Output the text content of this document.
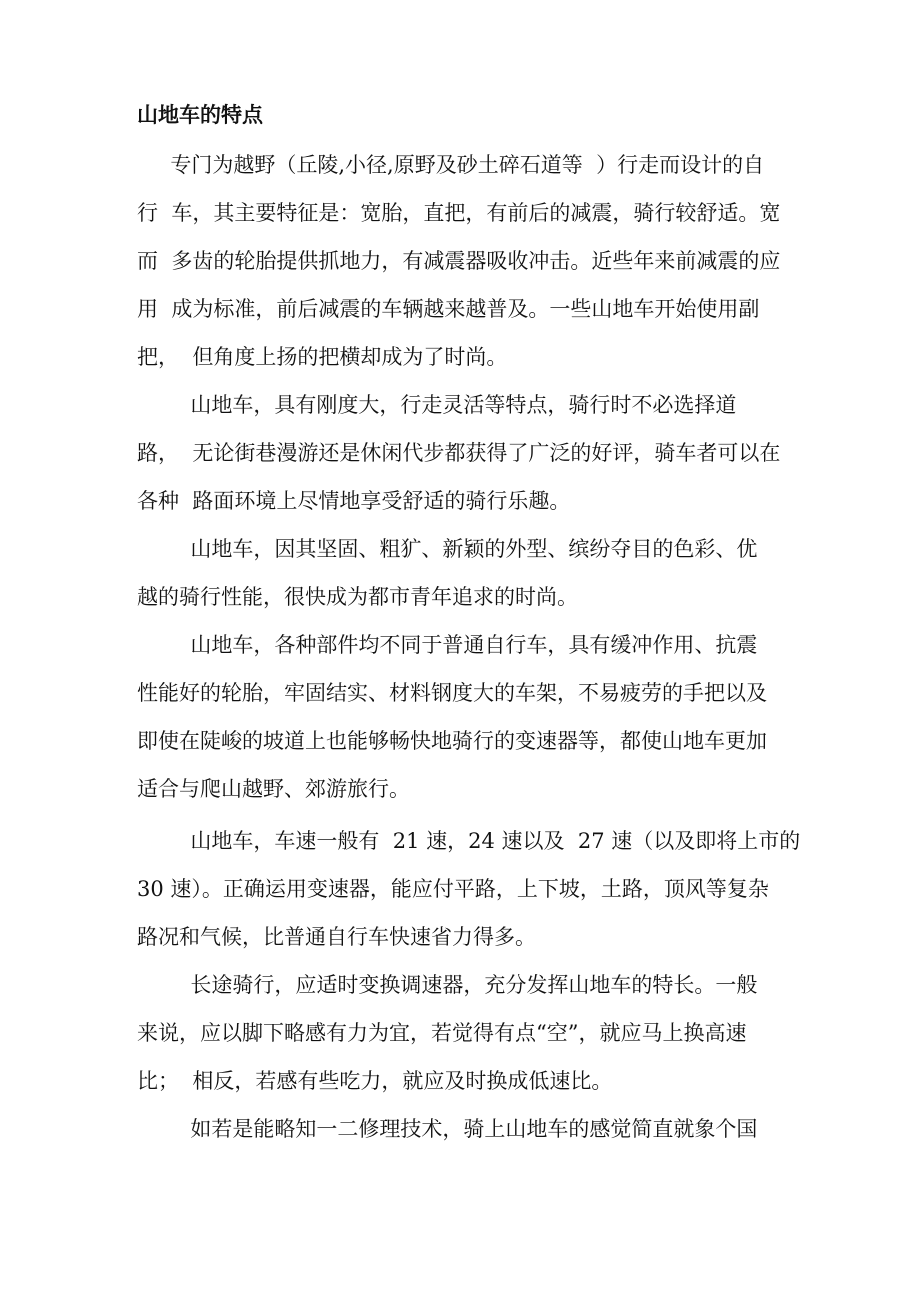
山地车的特点
专门为越野（丘陵,小径,原野及砂土碎石道等  ）行走而设计的自
行  车，其主要特征是：宽胎，直把，有前后的减震，骑行较舒适。宽
而  多齿的轮胎提供抓地力，有减震器吸收冲击。近些年来前减震的应
用  成为标准，前后减震的车辆越来越普及。一些山地车开始使用副
把，  但角度上扬的把横却成为了时尚。
山地车，具有刚度大，行走灵活等特点，骑行时不必选择道
路，  无论街巷漫游还是休闲代步都获得了广泛的好评，骑车者可以在
各种  路面环境上尽情地享受舒适的骑行乐趣。
山地车，因其坚固、粗犷、新颖的外型、缤纷夺目的色彩、优
越的骑行性能，很快成为都市青年追求的时尚。
山地车，各种部件均不同于普通自行车，具有缓冲作用、抗震
性能好的轮胎，牢固结实、材料钢度大的车架，不易疲劳的手把以及
即使在陡峻的坡道上也能够畅快地骑行的变速器等，都使山地车更加
适合与爬山越野、郊游旅行。
山地车，车速一般有  21 速，24 速以及  27 速（以及即将上市的
30 速）。正确运用变速器，能应付平路，上下坡，土路，顶风等复杂
路况和气候，比普通自行车快速省力得多。
长途骑行，应适时变换调速器，充分发挥山地车的特长。一般
来说，应以脚下略感有力为宜，若觉得有点“空”，就应马上换高速
比；  相反，若感有些吃力，就应及时换成低速比。
如若是能略知一二修理技术，骑上山地车的感觉简直就象个国
